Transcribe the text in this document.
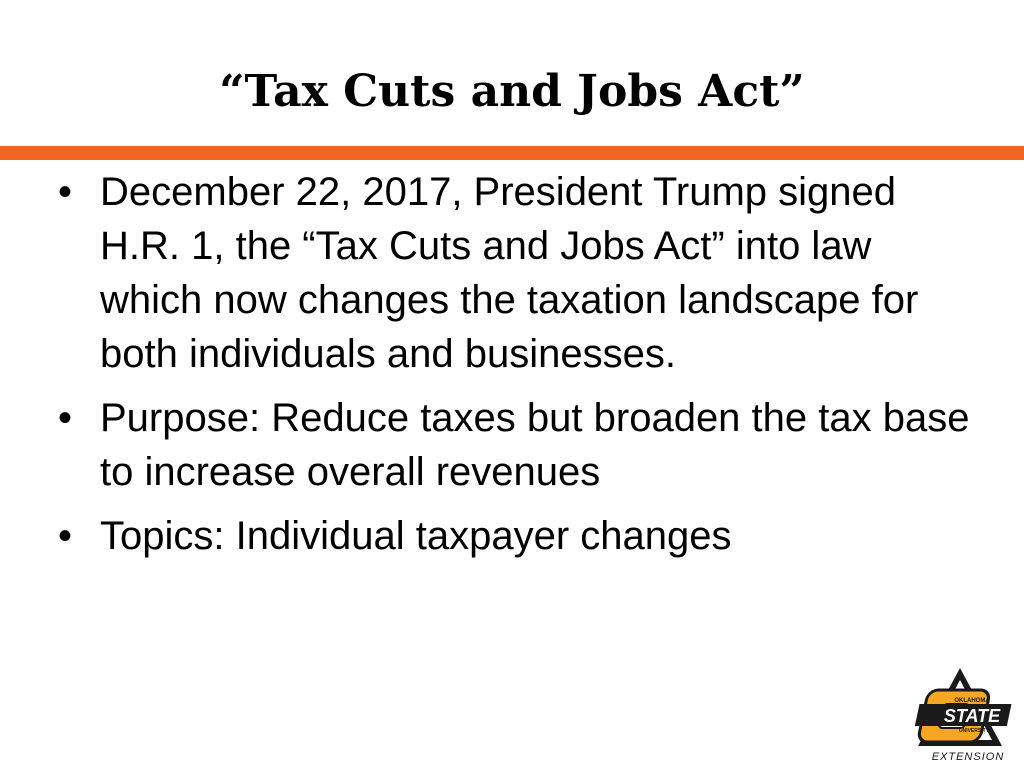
“Tax Cuts and Jobs Act”
• December 22, 2017, President Trump signed H.R. 1, the “Tax Cuts and Jobs Act” into law which now changes the taxation landscape for both individuals and businesses.
• Purpose: Reduce taxes but broaden the tax base to increase overall revenues
• Topics: Individual taxpayer changes
OKLAHOMA
STATE
UNIVERSITY
EXTENSION
